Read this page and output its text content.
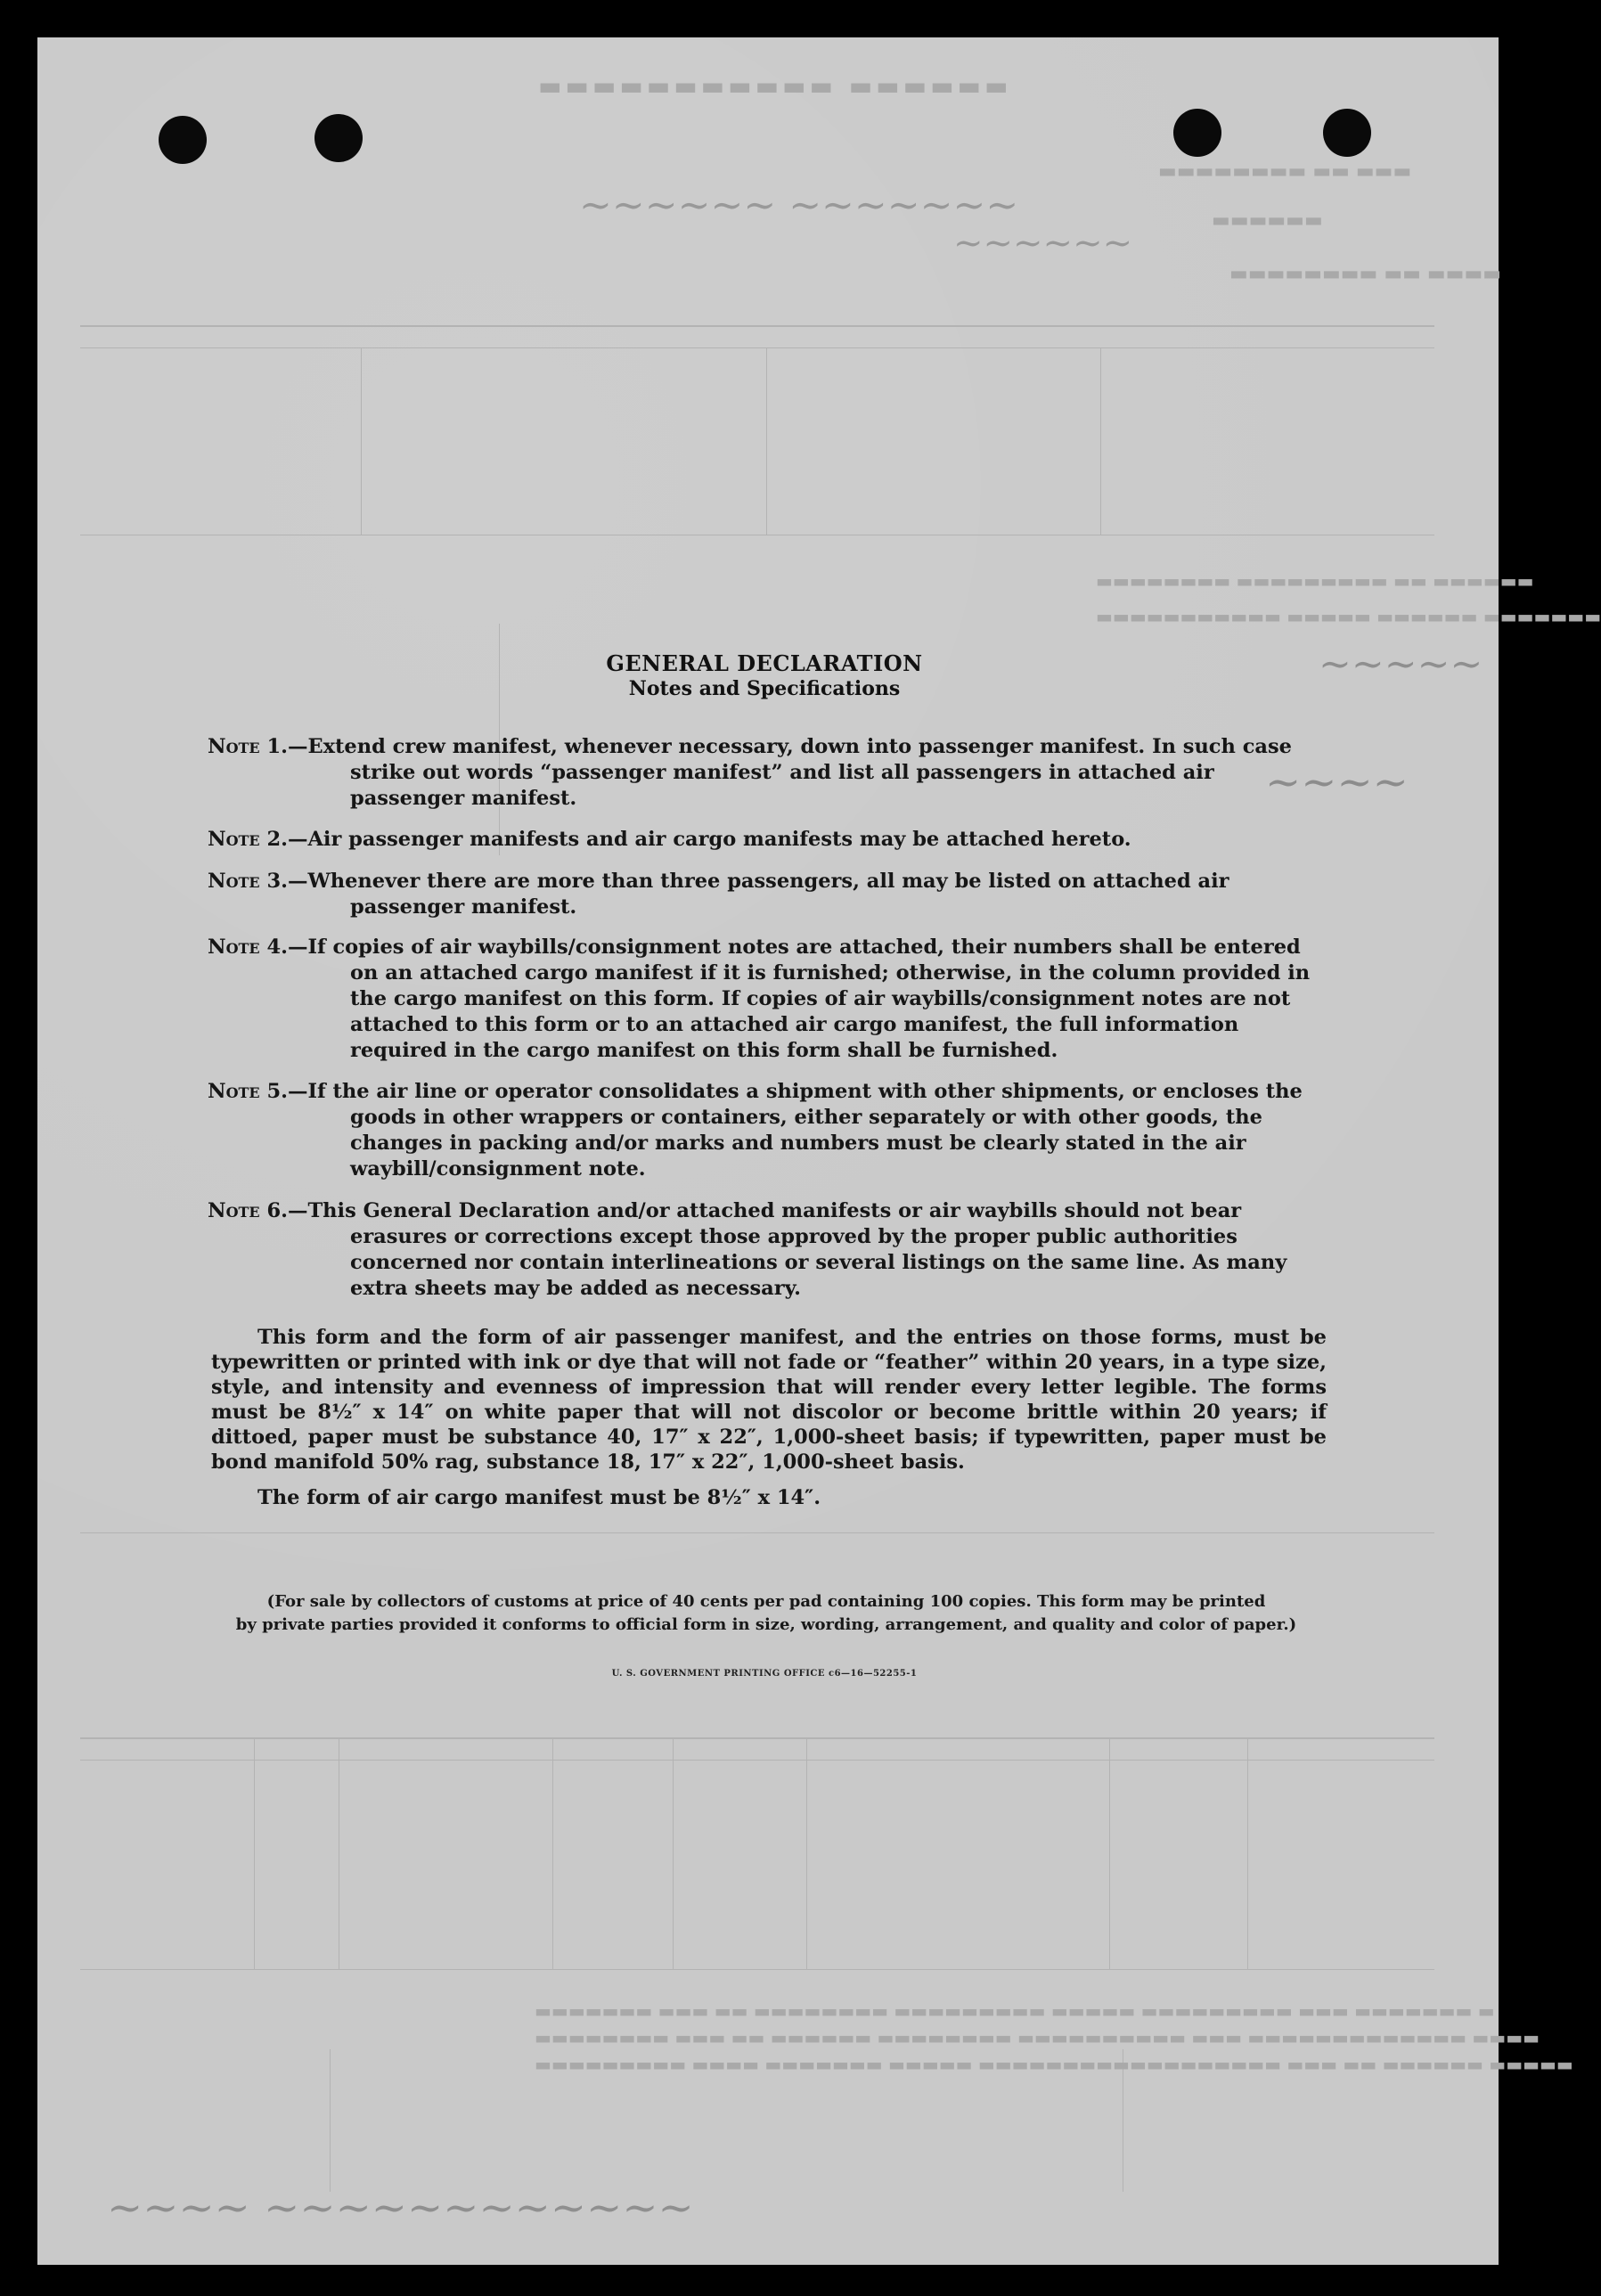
▬▬▬▬▬▬ ▬▬▬▬▬▬▬▬▬▬▬
▬▬▬ ▬▬ ▬▬▬▬▬▬▬▬
▬▬▬▬▬▬
▬▬▬▬ ▬▬ ▬▬▬▬▬▬▬▬
▬▬▬▬▬▬ ▬▬ ▬▬▬▬▬▬▬▬▬ ▬▬▬▬▬▬▬▬
▬▬▬▬▬▬▬ ▬▬▬▬▬▬ ▬▬▬▬▬ ▬▬▬▬▬▬▬▬▬▬▬
▬ ▬▬▬▬▬▬▬ ▬▬▬ ▬▬▬▬▬▬▬▬▬ ▬▬▬▬▬ ▬▬▬▬▬▬▬▬▬ ▬▬▬▬▬▬▬▬ ▬▬ ▬▬▬ ▬▬▬▬▬▬▬
▬▬▬▬ ▬▬▬▬▬▬▬▬▬▬▬▬▬ ▬▬▬ ▬▬▬▬▬▬▬▬▬▬ ▬▬▬▬▬▬▬▬ ▬▬▬▬▬▬ ▬▬ ▬▬▬ ▬▬▬▬▬▬▬▬
▬▬▬▬▬ ▬▬▬▬▬▬ ▬▬ ▬▬▬ ▬▬▬▬▬▬▬▬▬▬▬▬▬▬▬▬▬▬ ▬▬▬▬▬ ▬▬▬▬▬▬▬ ▬▬▬▬ ▬▬▬▬▬▬▬▬▬
~~~~~~ ~~~~~~~
~~~~~~
~~~~ ~~~~~~~~~~~~
~~~~~
~~~~
GENERAL DECLARATION
Notes and Specifications
Note 1.—Extend crew manifest, whenever necessary, down into passenger manifest. In such case strike out words “passenger manifest” and list all passengers in attached air passenger manifest.
Note 2.—Air passenger manifests and air cargo manifests may be attached hereto.
Note 3.—Whenever there are more than three passengers, all may be listed on attached air passenger manifest.
Note 4.—If copies of air waybills/consignment notes are attached, their numbers shall be entered on an attached cargo manifest if it is furnished; otherwise, in the column provided in the cargo manifest on this form. If copies of air waybills/consignment notes are not attached to this form or to an attached air cargo manifest, the full information required in the cargo manifest on this form shall be furnished.
Note 5.—If the air line or operator consolidates a shipment with other shipments, or encloses the goods in other wrappers or containers, either separately or with other goods, the changes in packing and/or marks and numbers must be clearly stated in the air waybill/consignment note.
Note 6.—This General Declaration and/or attached manifests or air waybills should not bear erasures or corrections except those approved by the proper public authorities concerned nor contain interlineations or several listings on the same line. As many extra sheets may be added as necessary.
This form and the form of air passenger manifest, and the entries on those forms, must be typewritten or printed with ink or dye that will not fade or “feather” within 20 years, in a type size, style, and intensity and evenness of impression that will render every letter legible. The forms must be 8½″ x 14″ on white paper that will not discolor or become brittle within 20 years; if dittoed, paper must be substance 40, 17″ x 22″, 1,000-sheet basis; if typewritten, paper must be bond manifold 50% rag, substance 18, 17″ x 22″, 1,000-sheet basis.
The form of air cargo manifest must be 8½″ x 14″.
(For sale by collectors of customs at price of 40 cents per pad containing 100 copies. This form may be printed
by private parties provided it conforms to official form in size, wording, arrangement, and quality and color of paper.)
U. S. GOVERNMENT PRINTING OFFICE c6—16—52255-1
